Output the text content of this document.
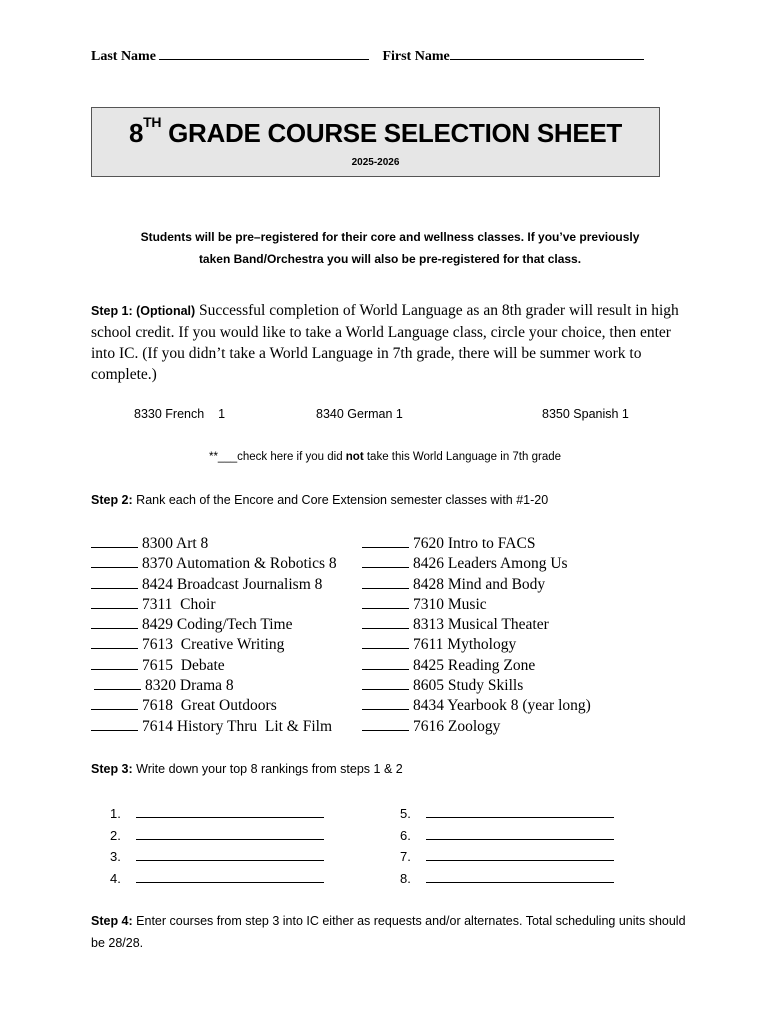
Last Name	First Name
8TH GRADE COURSE SELECTION SHEET
2025-2026
Students will be pre–registered for their core and wellness classes. If you’ve previously
taken Band/Orchestra you will also be pre-registered for that class.
Step 1: (Optional) Successful completion of World Language as an 8th grader will result in high school credit. If you would like to take a World Language class, circle your choice, then enter into IC. (If you didn’t take a World Language in 7th grade, there will be summer work to complete.)
8330 French    1	8340 German 1	8350 Spanish 1
**___check here if you did not take this World Language in 7th grade
Step 2: Rank each of the Encore and Core Extension semester classes with #1-20
8300 Art 8
8370 Automation & Robotics 8
8424 Broadcast Journalism 8
7311  Choir
8429 Coding/Tech Time
7613  Creative Writing
7615  Debate
8320 Drama 8
7618  Great Outdoors
7614 History Thru  Lit & Film
7620 Intro to FACS
8426 Leaders Among Us
8428 Mind and Body
7310 Music
8313 Musical Theater
7611 Mythology
8425 Reading Zone
8605 Study Skills
8434 Yearbook 8 (year long)
7616 Zoology
Step 3: Write down your top 8 rankings from steps 1 & 2
1.
2.
3.
4.
5.
6.
7.
8.
Step 4: Enter courses from step 3 into IC either as requests and/or alternates. Total scheduling units should be 28/28.
